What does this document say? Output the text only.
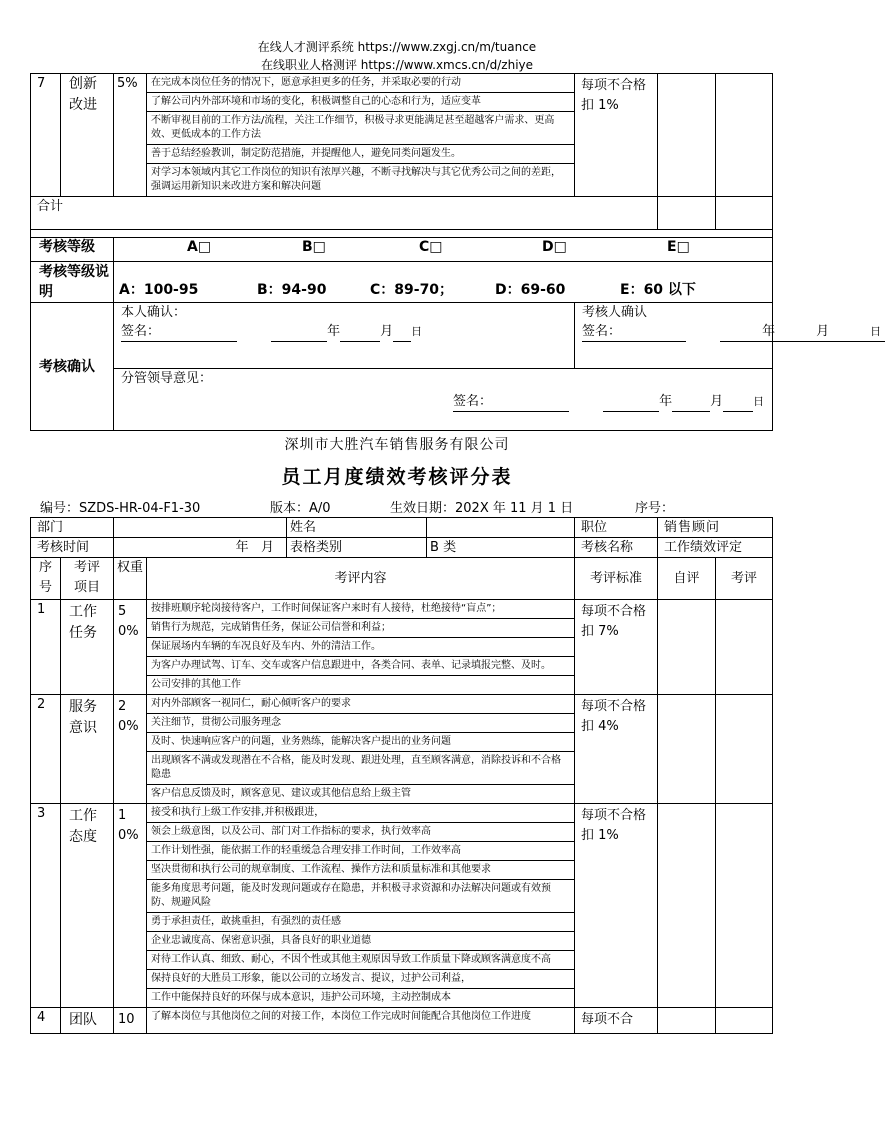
在线人才测评系统 https://www.zxgj.cn/m/tuance
在线职业人格测评 https://www.xmcs.cn/d/zhiye
7	创新改进	5%	在完成本岗位任务的情况下，愿意承担更多的任务，并采取必要的行动
了解公司内外部环境和市场的变化，积极调整自己的心态和行为，适应变革
不断审视目前的工作方法/流程，关注工作细节，积极寻求更能满足甚至超越客户需求、更高效、更低成本的工作方法
善于总结经验教训，制定防范措施，并提醒他人，避免同类问题发生。
对学习本领域内其它工作岗位的知识有浓厚兴趣，不断寻找解决与其它优秀公司之间的差距，强调运用新知识来改进方案和解决问题
	每项不合格扣 1%		
合计		

考核等级	A□	B□	C□	D□	E□

考核等级说明	A：100-95	B：94-90	C：89-70；	D：69-60	E：60 以下

考核确认	
本人确认：
签名：	年	月 日

考核人确认
签名：	年	月	日

分管领导意见：
签名：	年	月	日
深圳市大胜汽车销售服务有限公司
员工月度绩效考核评分表
编号：SZDS-HR-04-F1-30	版本：A/0	生效日期：202X 年 11 月 1 日	序号：
部门		姓名		职位	销售顾问
考核时间	年   月	表格类别	B 类	考核名称	工作绩效评定
序号	考评项目	权重	考评内容	考评标准	自评	考评
1	工作任务	50%	
按排班顺序轮岗接待客户，工作时间保证客户来时有人接待，杜绝接待“盲点”；
销售行为规范，完成销售任务，保证公司信誉和利益；
保证展场内车辆的车况良好及车内、外的清洁工作。
为客户办理试驾、订车、交车或客户信息跟进中，各类合同、表单、记录填报完整、及时。
公司安排的其他工作
	每项不合格扣 7%		
2	服务意识	20%	
对内外部顾客一视同仁，耐心倾听客户的要求
关注细节，贯彻公司服务理念
及时、快速响应客户的问题，业务熟练，能解决客户提出的业务问题
出现顾客不满或发现潜在不合格，能及时发现、跟进处理，直至顾客满意，消除投诉和不合格隐患
客户信息反馈及时，顾客意见、建议或其他信息给上级主管
	每项不合格扣 4%		
3	工作态度	10%	
接受和执行上级工作安排,并积极跟进，
领会上级意图，以及公司、部门对工作指标的要求，执行效率高
工作计划性强，能依据工作的轻重缓急合理安排工作时间，工作效率高
坚决贯彻和执行公司的规章制度、工作流程、操作方法和质量标准和其他要求
能多角度思考问题，能及时发现问题或存在隐患，并积极寻求资源和办法解决问题或有效预防、规避风险
勇于承担责任，敢挑重担，有强烈的责任感
企业忠诚度高、保密意识强，具备良好的职业道德
对待工作认真、细致、耐心，不因个性或其他主观原因导致工作质量下降或顾客满意度不高
保持良好的大胜员工形象，能以公司的立场发言、提议，过护公司利益，
工作中能保持良好的环保与成本意识，违护公司环境，主动控制成本
	每项不合格扣 1%		
4	团队	10	了解本岗位与其他岗位之间的对接工作，本岗位工作完成时间能配合其他岗位工作进度
		每项不合		
